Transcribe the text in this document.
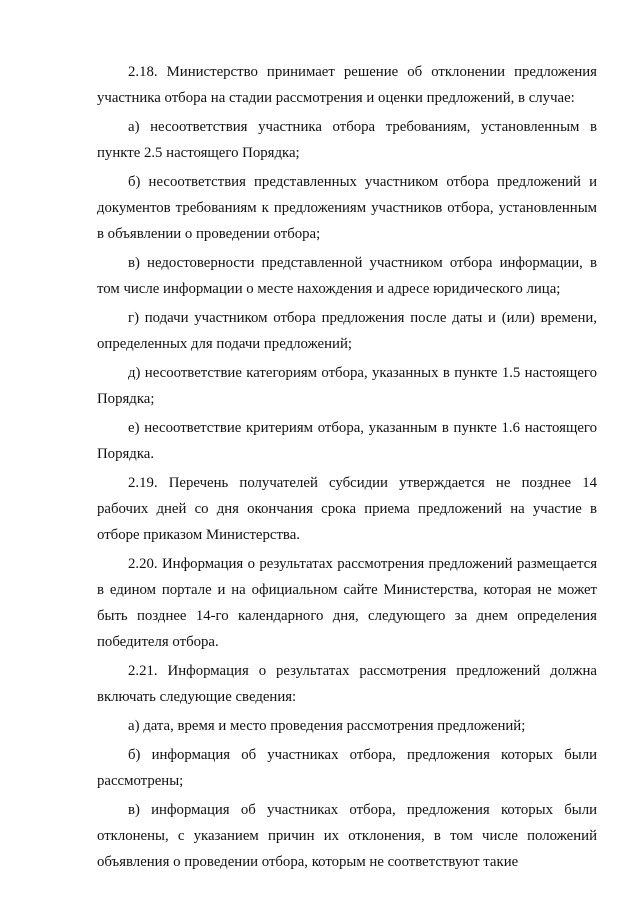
2.18. Министерство принимает решение об отклонении предложения участника отбора на стадии рассмотрения и оценки предложений, в случае:

а) несоответствия участника отбора требованиям, установленным в пункте 2.5 настоящего Порядка;

б) несоответствия представленных участником отбора предложений и документов требованиям к предложениям участников отбора, установленным в объявлении о проведении отбора;

в) недостоверности представленной участником отбора информации, в том числе информации о месте нахождения и адресе юридического лица;

г) подачи участником отбора предложения после даты и (или) времени, определенных для подачи предложений;

д) несоответствие категориям отбора, указанных в пункте 1.5 настоящего Порядка;

е) несоответствие критериям отбора, указанным в пункте 1.6 настоящего Порядка.

2.19. Перечень получателей субсидии утверждается не позднее 14 рабочих дней со дня окончания срока приема предложений на участие в отборе приказом Министерства.

2.20. Информация о результатах рассмотрения предложений размещается в едином портале и на официальном сайте Министерства, которая не может быть позднее 14-го календарного дня, следующего за днем определения победителя отбора.

2.21. Информация о результатах рассмотрения предложений должна включать следующие сведения:

а) дата, время и место проведения рассмотрения предложений;

б) информация об участниках отбора, предложения которых были рассмотрены;

в) информация об участниках отбора, предложения которых были отклонены, с указанием причин их отклонения, в том числе положений объявления о проведении отбора, которым не соответствуют такие
